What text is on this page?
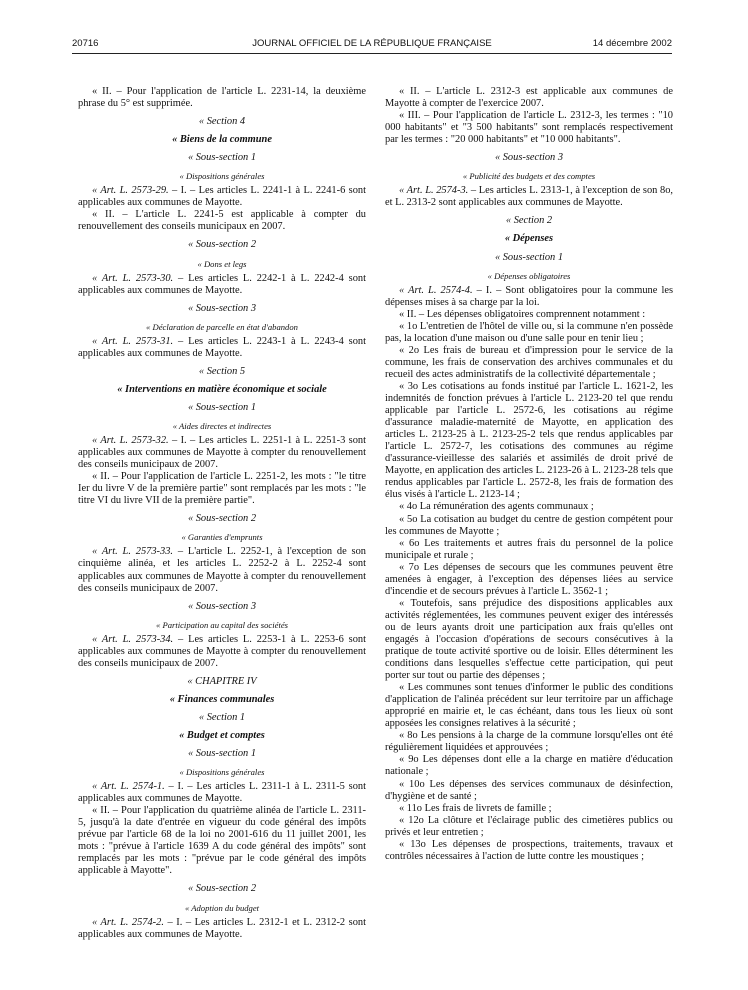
20716	JOURNAL OFFICIEL DE LA RÉPUBLIQUE FRANÇAISE	14 décembre 2002

« II. – Pour l'application de l'article L. 2231-14, la deuxième phrase du 5° est supprimée.

« Section 4

« Biens de la commune

« Sous-section 1

« Dispositions générales

« Art. L. 2573-29. – I. – Les articles L. 2241-1 à L. 2241-6 sont applicables aux communes de Mayotte.

« II. – L'article L. 2241-5 est applicable à compter du renouvellement des conseils municipaux en 2007.

« Sous-section 2

« Dons et legs

« Art. L. 2573-30. – Les articles L. 2242-1 à L. 2242-4 sont applicables aux communes de Mayotte.

« Sous-section 3

« Déclaration de parcelle en état d'abandon

« Art. L. 2573-31. – Les articles L. 2243-1 à L. 2243-4 sont applicables aux communes de Mayotte.

« Section 5

« Interventions en matière économique et sociale

« Sous-section 1

« Aides directes et indirectes

« Art. L. 2573-32. – I. – Les articles L. 2251-1 à L. 2251-3 sont applicables aux communes de Mayotte à compter du renouvellement des conseils municipaux de 2007.

« II. – Pour l'application de l'article L. 2251-2, les mots : "le titre Ier du livre V de la première partie" sont remplacés par les mots : "le titre VI du livre VII de la première partie".

« Sous-section 2

« Garanties d'emprunts

« Art. L. 2573-33. – L'article L. 2252-1, à l'exception de son cinquième alinéa, et les articles L. 2252-2 à L. 2252-4 sont applicables aux communes de Mayotte à compter du renouvellement des conseils municipaux de 2007.

« Sous-section 3

« Participation au capital des sociétés

« Art. L. 2573-34. – Les articles L. 2253-1 à L. 2253-6 sont applicables aux communes de Mayotte à compter du renouvellement des conseils municipaux de 2007.

« CHAPITRE IV

« Finances communales

« Section 1

« Budget et comptes

« Sous-section 1

« Dispositions générales

« Art. L. 2574-1. – I. – Les articles L. 2311-1 à L. 2311-5 sont applicables aux communes de Mayotte.

« II. – Pour l'application du quatrième alinéa de l'article L. 2311-5, jusqu'à la date d'entrée en vigueur du code général des impôts prévue par l'article 68 de la loi no 2001-616 du 11 juillet 2001, les mots : "prévue à l'article 1639 A du code général des impôts" sont remplacés par les mots : "prévue par le code général des impôts applicable à Mayotte".

« Sous-section 2

« Adoption du budget

« Art. L. 2574-2. – I. – Les articles L. 2312-1 et L. 2312-2 sont applicables aux communes de Mayotte.

« II. – L'article L. 2312-3 est applicable aux communes de Mayotte à compter de l'exercice 2007.

« III. – Pour l'application de l'article L. 2312-3, les termes : "10 000 habitants" et "3 500 habitants" sont remplacés respectivement par les termes : "20 000 habitants" et "10 000 habitants".

« Sous-section 3

« Publicité des budgets et des comptes

« Art. L. 2574-3. – Les articles L. 2313-1, à l'exception de son 8o, et L. 2313-2 sont applicables aux communes de Mayotte.

« Section 2

« Dépenses

« Sous-section 1

« Dépenses obligatoires

« Art. L. 2574-4. – I. – Sont obligatoires pour la commune les dépenses mises à sa charge par la loi.

« II. – Les dépenses obligatoires comprennent notamment :

« 1o L'entretien de l'hôtel de ville ou, si la commune n'en possède pas, la location d'une maison ou d'une salle pour en tenir lieu ;

« 2o Les frais de bureau et d'impression pour le service de la commune, les frais de conservation des archives communales et du recueil des actes administratifs de la collectivité départementale ;

« 3o Les cotisations au fonds institué par l'article L. 1621-2, les indemnités de fonction prévues à l'article L. 2123-20 tel que rendu applicable par l'article L. 2572-6, les cotisations au régime d'assurance maladie-maternité de Mayotte, en application des articles L. 2123-25 à L. 2123-25-2 tels que rendus applicables par l'article L. 2572-7, les cotisations des communes au régime d'assurance-vieillesse des salariés et assimilés de droit privé de Mayotte, en application des articles L. 2123-26 à L. 2123-28 tels que rendus applicables par l'article L. 2572-8, les frais de formation des élus visés à l'article L. 2123-14 ;

« 4o La rémunération des agents communaux ;

« 5o La cotisation au budget du centre de gestion compétent pour les communes de Mayotte ;

« 6o Les traitements et autres frais du personnel de la police municipale et rurale ;

« 7o Les dépenses de secours que les communes peuvent être amenées à engager, à l'exception des dépenses liées au service d'incendie et de secours prévues à l'article L. 3562-1 ;

« Toutefois, sans préjudice des dispositions applicables aux activités réglementées, les communes peuvent exiger des intéressés ou de leurs ayants droit une participation aux frais qu'elles ont engagés à l'occasion d'opérations de secours consécutives à la pratique de toute activité sportive ou de loisir. Elles déterminent les conditions dans lesquelles s'effectue cette participation, qui peut porter sur tout ou partie des dépenses ;

« Les communes sont tenues d'informer le public des conditions d'application de l'alinéa précédent sur leur territoire par un affichage approprié en mairie et, le cas échéant, dans tous les lieux où sont apposées les consignes relatives à la sécurité ;

« 8o Les pensions à la charge de la commune lorsqu'elles ont été régulièrement liquidées et approuvées ;

« 9o Les dépenses dont elle a la charge en matière d'éducation nationale ;

« 10o Les dépenses des services communaux de désinfection, d'hygiène et de santé ;

« 11o Les frais de livrets de famille ;

« 12o La clôture et l'éclairage public des cimetières publics ou privés et leur entretien ;

« 13o Les dépenses de prospections, traitements, travaux et contrôles nécessaires à l'action de lutte contre les moustiques ;
